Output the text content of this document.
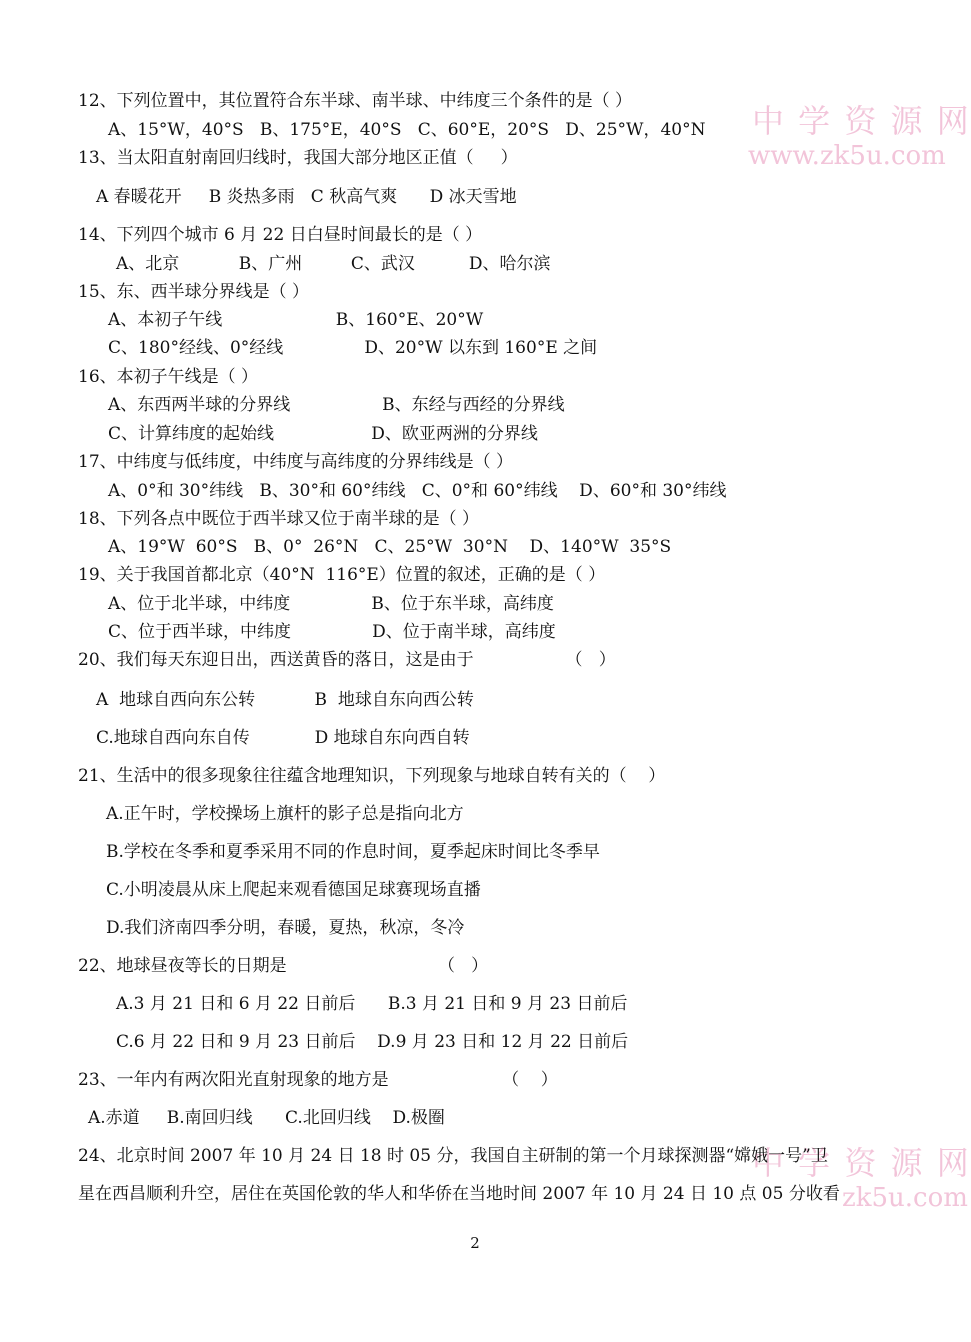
中 学 资 源 网
www.zk5u.com
中 学 资 源 网
zk5u.com
12、下列位置中，其位置符合东半球、南半球、中纬度三个条件的是（ ）
A、15°W，40°S   B、175°E，40°S   C、60°E，20°S   D、25°W，40°N
13、当太阳直射南回归线时，我国大部分地区正值（     ）
A 春暖花开     B 炎热多雨   C 秋高气爽      D 冰天雪地
14、下列四个城市 6 月 22 日白昼时间最长的是（ ）
A、北京           B、广州         C、武汉          D、哈尔滨
15、东、西半球分界线是（ ）
A、本初子午线                     B、160°E、20°W
C、180°经线、0°经线               D、20°W 以东到 160°E 之间
16、本初子午线是（ ）
A、东西两半球的分界线                 B、东经与西经的分界线
C、计算纬度的起始线                  D、欧亚两洲的分界线
17、中纬度与低纬度，中纬度与高纬度的分界纬线是（ ）
A、0°和 30°纬线   B、30°和 60°纬线   C、0°和 60°纬线    D、60°和 30°纬线
18、下列各点中既位于西半球又位于南半球的是（ ）
A、19°W  60°S   B、0°  26°N   C、25°W  30°N    D、140°W  35°S
19、关于我国首都北京（40°N  116°E）位置的叙述，正确的是（ ）
A、位于北半球，中纬度               B、位于东半球，高纬度
C、位于西半球，中纬度               D、位于南半球，高纬度
20、我们每天东迎日出，西送黄昏的落日，这是由于                 （   ）
A  地球自西向东公转           B  地球自东向西公转
C.地球自西向东自传            D 地球自东向西自转
21、生活中的很多现象往往蕴含地理知识，下列现象与地球自转有关的（    ）
A.正午时，学校操场上旗杆的影子总是指向北方
B.学校在冬季和夏季采用不同的作息时间，夏季起床时间比冬季早
C.小明凌晨从床上爬起来观看德国足球赛现场直播
D.我们济南四季分明，春暖，夏热，秋凉，冬冷
22、地球昼夜等长的日期是                            （   ）
A.3 月 21 日和 6 月 22 日前后      B.3 月 21 日和 9 月 23 日前后
C.6 月 22 日和 9 月 23 日前后    D.9 月 23 日和 12 月 22 日前后
23、一年内有两次阳光直射现象的地方是                     （    ）
A.赤道     B.南回归线      C.北回归线    D.极圈
24、北京时间 2007 年 10 月 24 日 18 时 05 分，我国自主研制的第一个月球探测器“嫦娥一号”卫
星在西昌顺利升空，居住在英国伦敦的华人和华侨在当地时间 2007 年 10 月 24 日 10 点 05 分收看
2
